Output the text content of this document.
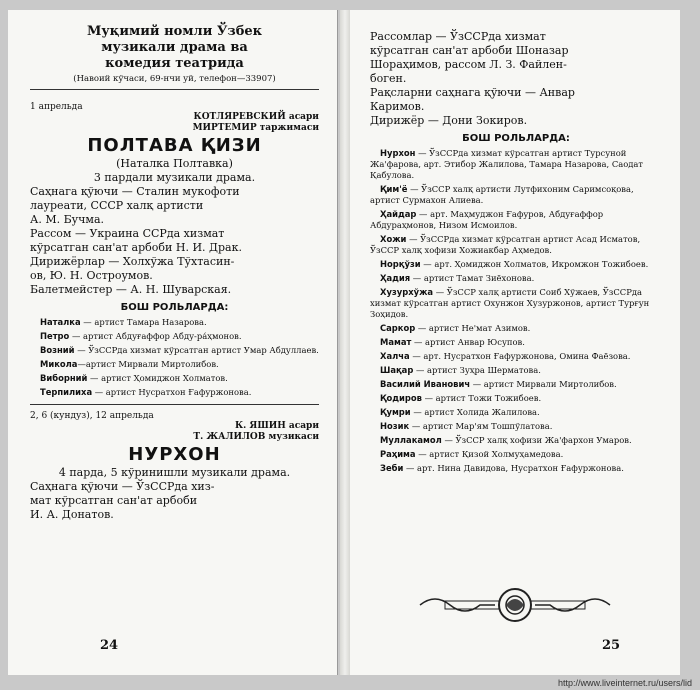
Муқимий номли Ўзбек
музикали драма ва
комедия театрида
(Навоий кўчаси, 69-нчи уй, телефон—33907)
1 апрельда
КОТЛЯРЕВСКИЙ асари
МИРТЕМИР таржимаси
ПОЛТАВА ҚИЗИ
(Наталка Полтавка)
3 пардали музикали драма.
Саҳнага қўючи — Сталин мукофоти
лауреати, СССР халқ артисти
А. М. Бучма.
Рассом — Украина ССРда хизмат
кўрсатган сан'ат арбоби Н. И. Драк.
Дирижёрлар — Холхўжа Тўхтасин-
ов, Ю. Н. Остроумов.
Балетмейстер — А. Н. Шуварская.
БОШ РОЛЬЛАРДА:
Наталка — артист Тамара Назарова.
Петро — артист Абдуғаффор Абду-ра́ҳмонов.
Возний — ЎзССРда хизмат кўрсатган артист Умар Абдуллаев.
Микола—артист Мирвали Миртолибов.
Виборний — артист Ҳомиджон Холматов.
Терпилиха — артист Нусратхон Ғафуржонова.
2, 6 (кундуз), 12 апрельда
К. ЯШИН асари
Т. ЖАЛИЛОВ музикаси
НУРХОН
4 парда, 5 кўринишли музикали драма.
Саҳнага қўючи — ЎзССРда хиз-
мат кўрсатган сан'ат арбоби
И. А. Донатов.
24
Рассомлар — ЎзССРда хизмат
кўрсатган сан'ат арбоби Шоназар
Шораҳимов, рассом Л. З. Файлен-
боген.
Рақсларни саҳнага қўючи — Анвар
Каримов.
Дирижёр — Дони Зокиров.
БОШ РОЛЬЛАРДА:
Нурхон — ЎзССРда хизмат кўрсатган артист Турсуной Жа'фарова, арт. Этибор Жалилова, Тамара Назарова, Саодат Қабулова.
Қим'ё — ЎзССР халқ артисти Лутфихоним Саримсоқова, артист Сурмахон Алиева.
Ҳайдар — арт. Маҳмуджон Ғафуров, Абдуғаффор Абдураҳмонов, Низом Исмоилов.
Хожи — ЎзССРда хизмат кўрсатган артист Асад Исматов, ЎзССР халқ хофизи Хожиакбар Аҳмедов.
Норқўзи — арт. Ҳомиджон Холматов, Икромжон Тожибоев.
Ҳадия — артист Тамат Зиёхонова.
Хузурхўжа — ЎзССР халқ артисти Соиб Хўжаев, ЎзССРда хизмат кўрсатган артист Охунжон Хузуржонов, артист Турғун Зоҳидов.
Саркор — артист Не'мат Азимов.
Мамат — артист Анвар Юсупов.
Халча — арт. Нусратхон Ғафуржонова, Омина Фаёзова.
Шақар — артист Зуҳра Шерматова.
Василий Иванович — артист Мирвали Миртолибов.
Қодиров — артист Тожи Тожибоев.
Қумри — артист Холида Жалилова.
Нозик — артист Мар'ям Тошпўлатова.
Муллакамол — ЎзССР халқ хофизи Жа'фархон Умаров.
Раҳима — артист Қизой Холмуҳамедова.
Зеби — арт. Нина Давидова, Нусратхон Ғафуржонова.
25
http://www.liveinternet.ru/users/lid
